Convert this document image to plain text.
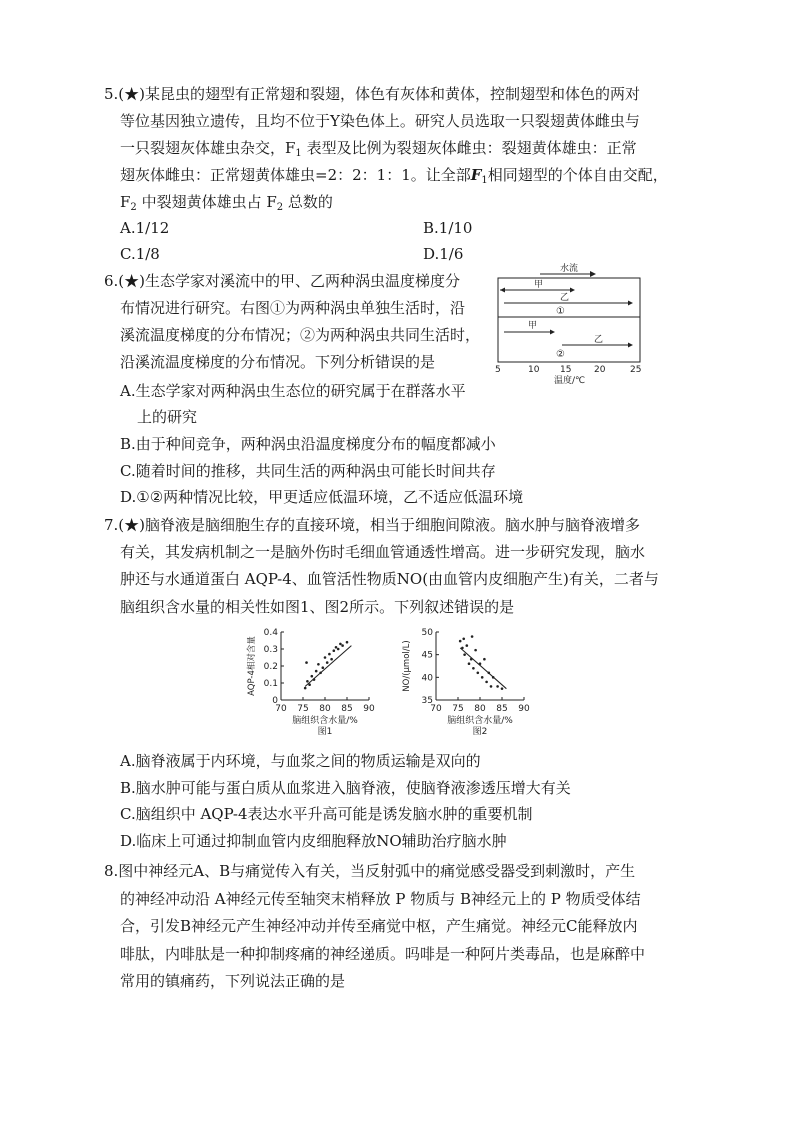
5.(★)某昆虫的翅型有正常翅和裂翅，体色有灰体和黄体，控制翅型和体色的两对
等位基因独立遗传，且均不位于Y染色体上。研究人员选取一只裂翅黄体雌虫与
一只裂翅灰体雄虫杂交，$F_1$ 表型及比例为裂翅灰体雌虫：裂翅黄体雄虫：正常
翅灰体雌虫：正常翅黄体雄虫=2：2：1：1。让全部$F_1$相同翅型的个体自由交配，
$F_2$ 中裂翅黄体雄虫占 $F_2$ 总数的
A.1/12	B.1/10
C.1/8	D.1/6
6.(★)生态学家对溪流中的甲、乙两种涡虫温度梯度分
布情况进行研究。右图①为两种涡虫单独生活时，沿
溪流温度梯度的分布情况；②为两种涡虫共同生活时，
沿溪流温度梯度的分布情况。下列分析错误的是
A.生态学家对两种涡虫生态位的研究属于在群落水平
上的研究
B.由于种间竞争，两种涡虫沿温度梯度分布的幅度都减小
C.随着时间的推移，共同生活的两种涡虫可能长时间共存
D.①②两种情况比较，甲更适应低温环境，乙不适应低温环境
水流
甲
乙
①
甲
乙
②
5	10 15	20	25
温度/℃
7.(★)脑脊液是脑细胞生存的直接环境，相当于细胞间隙液。脑水肿与脑脊液增多
有关，其发病机制之一是脑外伤时毛细血管通透性增高。进一步研究发现，脑水
肿还与水通道蛋白 AQP-4、血管活性物质NO(由血管内皮细胞产生)有关，二者与
脑组织含水量的相关性如图1、图2所示。下列叙述错误的是
70 75 80 85 90
0
0.1
0.2
0.3
0.4
脑组织含水量/%
图1
AQP-4相对含量
70 75 80 85 90
35
40
45
50
脑组织含水量/%
图2
NO/(μmol/L)
A.脑脊液属于内环境，与血浆之间的物质运输是双向的
B.脑水肿可能与蛋白质从血浆进入脑脊液，使脑脊液渗透压增大有关
C.脑组织中 AQP-4表达水平升高可能是诱发脑水肿的重要机制
D.临床上可通过抑制血管内皮细胞释放NO辅助治疗脑水肿
8.图中神经元A、B与痛觉传入有关，当反射弧中的痛觉感受器受到刺激时，产生
的神经冲动沿 A神经元传至轴突末梢释放 P 物质与 B神经元上的 P 物质受体结
合，引发B神经元产生神经冲动并传至痛觉中枢，产生痛觉。神经元C能释放内
啡肽，内啡肽是一种抑制疼痛的神经递质。吗啡是一种阿片类毒品，也是麻醉中
常用的镇痛药，下列说法正确的是
